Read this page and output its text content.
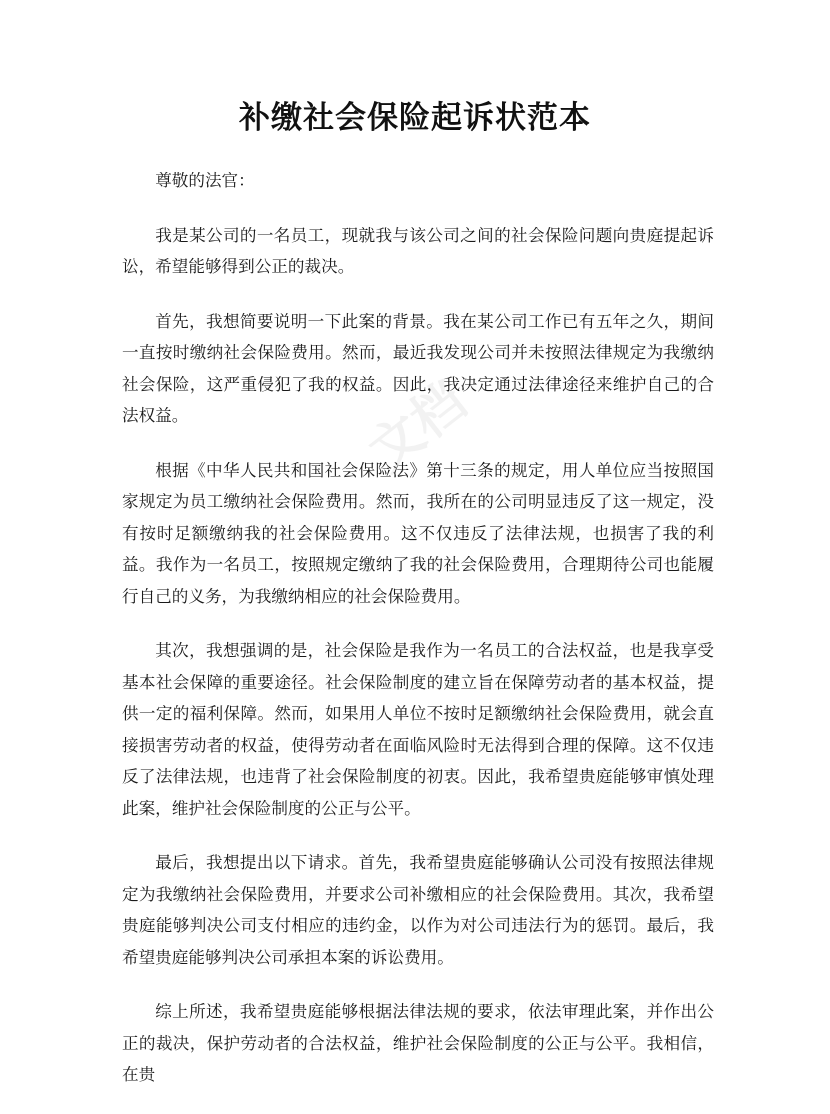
补缴社会保险起诉状范本
文档

尊敬的法官：

我是某公司的一名员工，现就我与该公司之间的社会保险问题向贵庭提起诉讼，希望能够得到公正的裁决。

首先，我想简要说明一下此案的背景。我在某公司工作已有五年之久，期间一直按时缴纳社会保险费用。然而，最近我发现公司并未按照法律规定为我缴纳社会保险，这严重侵犯了我的权益。因此，我决定通过法律途径来维护自己的合法权益。

根据《中华人民共和国社会保险法》第十三条的规定，用人单位应当按照国家规定为员工缴纳社会保险费用。然而，我所在的公司明显违反了这一规定，没有按时足额缴纳我的社会保险费用。这不仅违反了法律法规，也损害了我的利益。我作为一名员工，按照规定缴纳了我的社会保险费用，合理期待公司也能履行自己的义务，为我缴纳相应的社会保险费用。

其次，我想强调的是，社会保险是我作为一名员工的合法权益，也是我享受基本社会保障的重要途径。社会保险制度的建立旨在保障劳动者的基本权益，提供一定的福利保障。然而，如果用人单位不按时足额缴纳社会保险费用，就会直接损害劳动者的权益，使得劳动者在面临风险时无法得到合理的保障。这不仅违反了法律法规，也违背了社会保险制度的初衷。因此，我希望贵庭能够审慎处理此案，维护社会保险制度的公正与公平。

最后，我想提出以下请求。首先，我希望贵庭能够确认公司没有按照法律规定为我缴纳社会保险费用，并要求公司补缴相应的社会保险费用。其次，我希望贵庭能够判决公司支付相应的违约金，以作为对公司违法行为的惩罚。最后，我希望贵庭能够判决公司承担本案的诉讼费用。

综上所述，我希望贵庭能够根据法律法规的要求，依法审理此案，并作出公正的裁决，保护劳动者的合法权益，维护社会保险制度的公正与公平。我相信，在贵
